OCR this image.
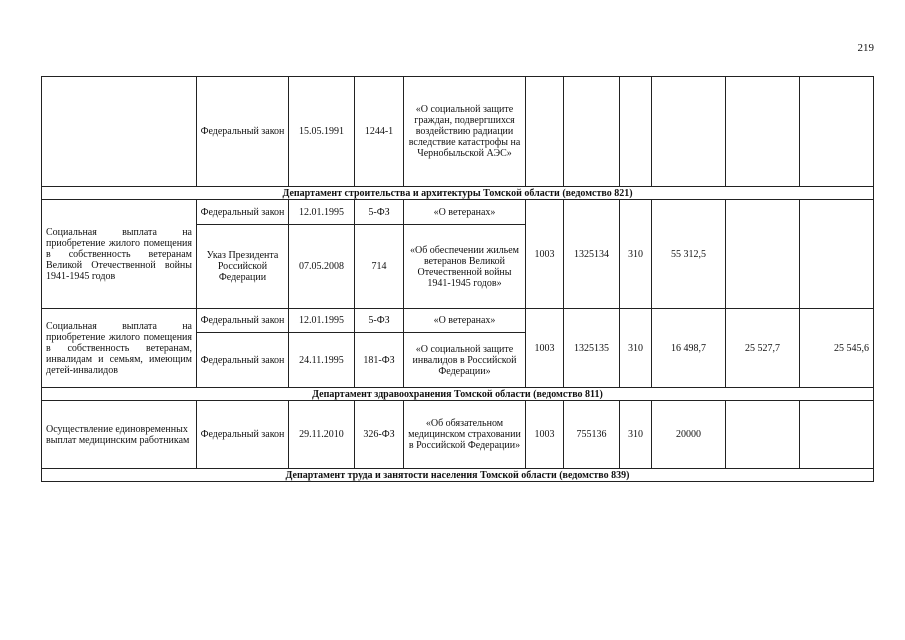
219
	Федеральный закон	15.05.1991	1244-1	«О социальной защите граждан, подвергшихся воздействию радиации вследствие катастрофы на Чернобыльской АЭС»						
Департамент строительства и архитектуры Томской области (ведомство 821)										
Социальная выплата на приобретение жилого помещения в собственность ветеранам Великой Отечественной войны 1941-1945 годов	Федеральный закон	12.01.1995	5-ФЗ	«О ветеранах»	1003	1325134	310	55 312,5		
	Указ Президента Российской Федерации	07.05.2008	714	«Об обеспечении жильем ветеранов Великой Отечественной войны 1941-1945 годов»						
Социальная выплата на приобретение жилого помещения в собственность ветеранам, инвалидам и семьям, имеющим детей-инвалидов	Федеральный закон	12.01.1995	5-ФЗ	«О ветеранах»	1003	1325135	310	16 498,7	25 527,7	25 545,6
	Федеральный закон	24.11.1995	181-ФЗ	«О социальной защите инвалидов в Российской Федерации»						
Департамент здравоохранения Томской области (ведомство 811)										
Осуществление единовременных выплат медицинским работникам	Федеральный закон	29.11.2010	326-ФЗ	«Об обязательном медицинском страховании в Российской Федерации»	1003	755136	310	20000		
Департамент труда и занятости населения Томской области (ведомство 839)										
